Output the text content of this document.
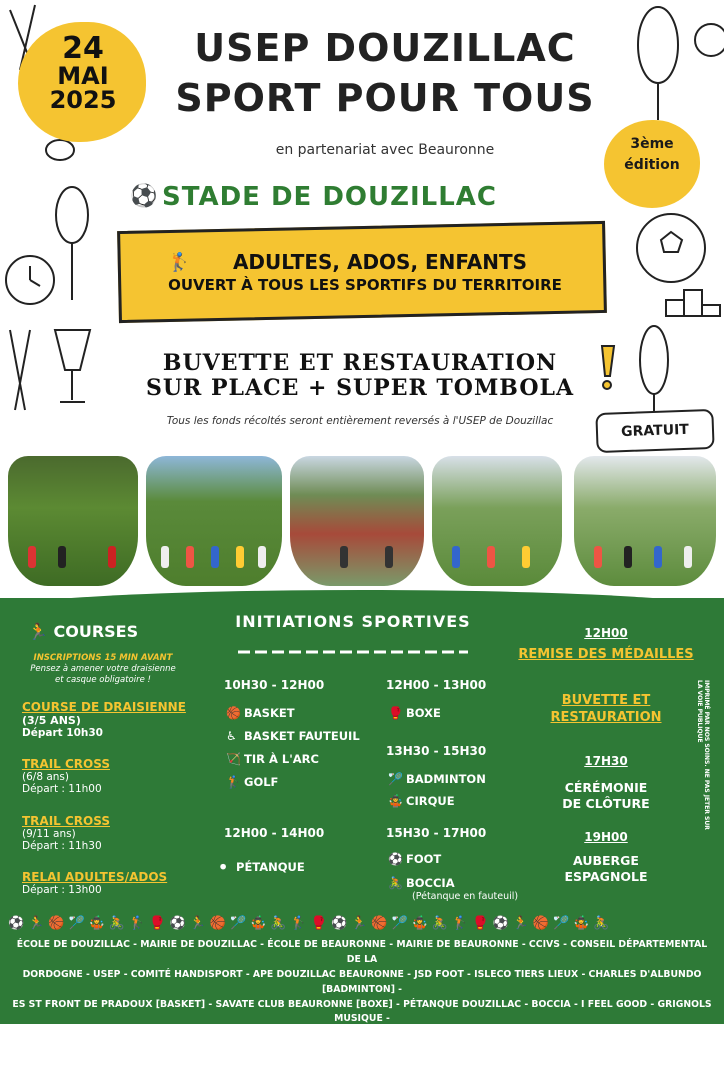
24
MAI
2025
USEP DOUZILLAC
SPORT POUR TOUS
en partenariat avec Beauronne	3ème
édition
⚽ STADE DE DOUZILLAC
🏌	ADULTES, ADOS, ENFANTS
OUVERT À TOUS LES SPORTIFS DU TERRITOIRE
BUVETTE ET RESTAURATION
SUR PLACE + SUPER TOMBOLA
Tous les fonds récoltés seront entièrement reversés à l'USEP de Douzillac
GRATUIT
INITIATIONS SPORTIVES
🏃 COURSES
INSCRIPTIONS 15 MIN AVANT
Pensez à amener votre draisienne
et casque obligatoire !
COURSE DE DRAISIENNE
(3/5 ANS)
Départ 10h30
TRAIL CROSS
(6/8 ans)
Départ : 11h00
TRAIL CROSS
(9/11 ans)
Départ : 11h30
RELAI ADULTES/ADOS
Départ : 13h00
10H30 - 12H00
🏀 BASKET
♿ BASKET FAUTEUIL
🏹 TIR À L'ARC
🏌 GOLF
12H00 - 14H00
⚫ PÉTANQUE
12H00 - 13H00
🥊 BOXE
13H30 - 15H30
🏸 BADMINTON
🤹 CIRQUE
15H30 - 17H00
⚽ FOOT
🚴 BOCCIA
(Pétanque en fauteuil)
12H00
REMISE DES MÉDAILLES
BUVETTE ET
RESTAURATION
17H30
CÉRÉMONIE
DE CLÔTURE
19H00
AUBERGE
ESPAGNOLE
IMPRIMÉ PAR NOS SOINS. NE PAS JETER SUR LA VOIE PUBLIQUE
⚽🏃🏀🏸🤹🚴🏌🥊⚽🏃🏀🏸🤹🚴🏌🥊⚽🏃🏀🏸🤹🚴🏌🥊⚽🏃🏀🏸🤹🚴
ÉCOLE DE DOUZILLAC - MAIRIE DE DOUZILLAC - ÉCOLE DE BEAURONNE - MAIRIE DE BEAURONNE - CCIVS - CONSEIL DÉPARTEMENTAL DE LA
DORDOGNE - USEP - COMITÉ HANDISPORT - APE DOUZILLAC BEAURONNE - JSD FOOT - ISLECO TIERS LIEUX - CHARLES D'ALBUNDO [BADMINTON] -
ES ST FRONT DE PRADOUX [BASKET] - SAVATE CLUB BEAURONNE [BOXE] - PÉTANQUE DOUZILLAC - BOCCIA - I FEEL GOOD - GRIGNOLS MUSIQUE -
INTERMARCHÉ NEUVIC - SMD3 - MC DÉCOUPE - MVA CUISINE & BAIN - LM CONSULTING - AQUITAINE CONTRÔLE - GEDIMAT - SOCIÉTÉ DE CHASSE -
MENUISERIE TONY LAUD - PRIMOC BÂTIMENT 24 - SUPER U SAINT MÉDARD - LE CILAOS - BÉNÉVOLES
